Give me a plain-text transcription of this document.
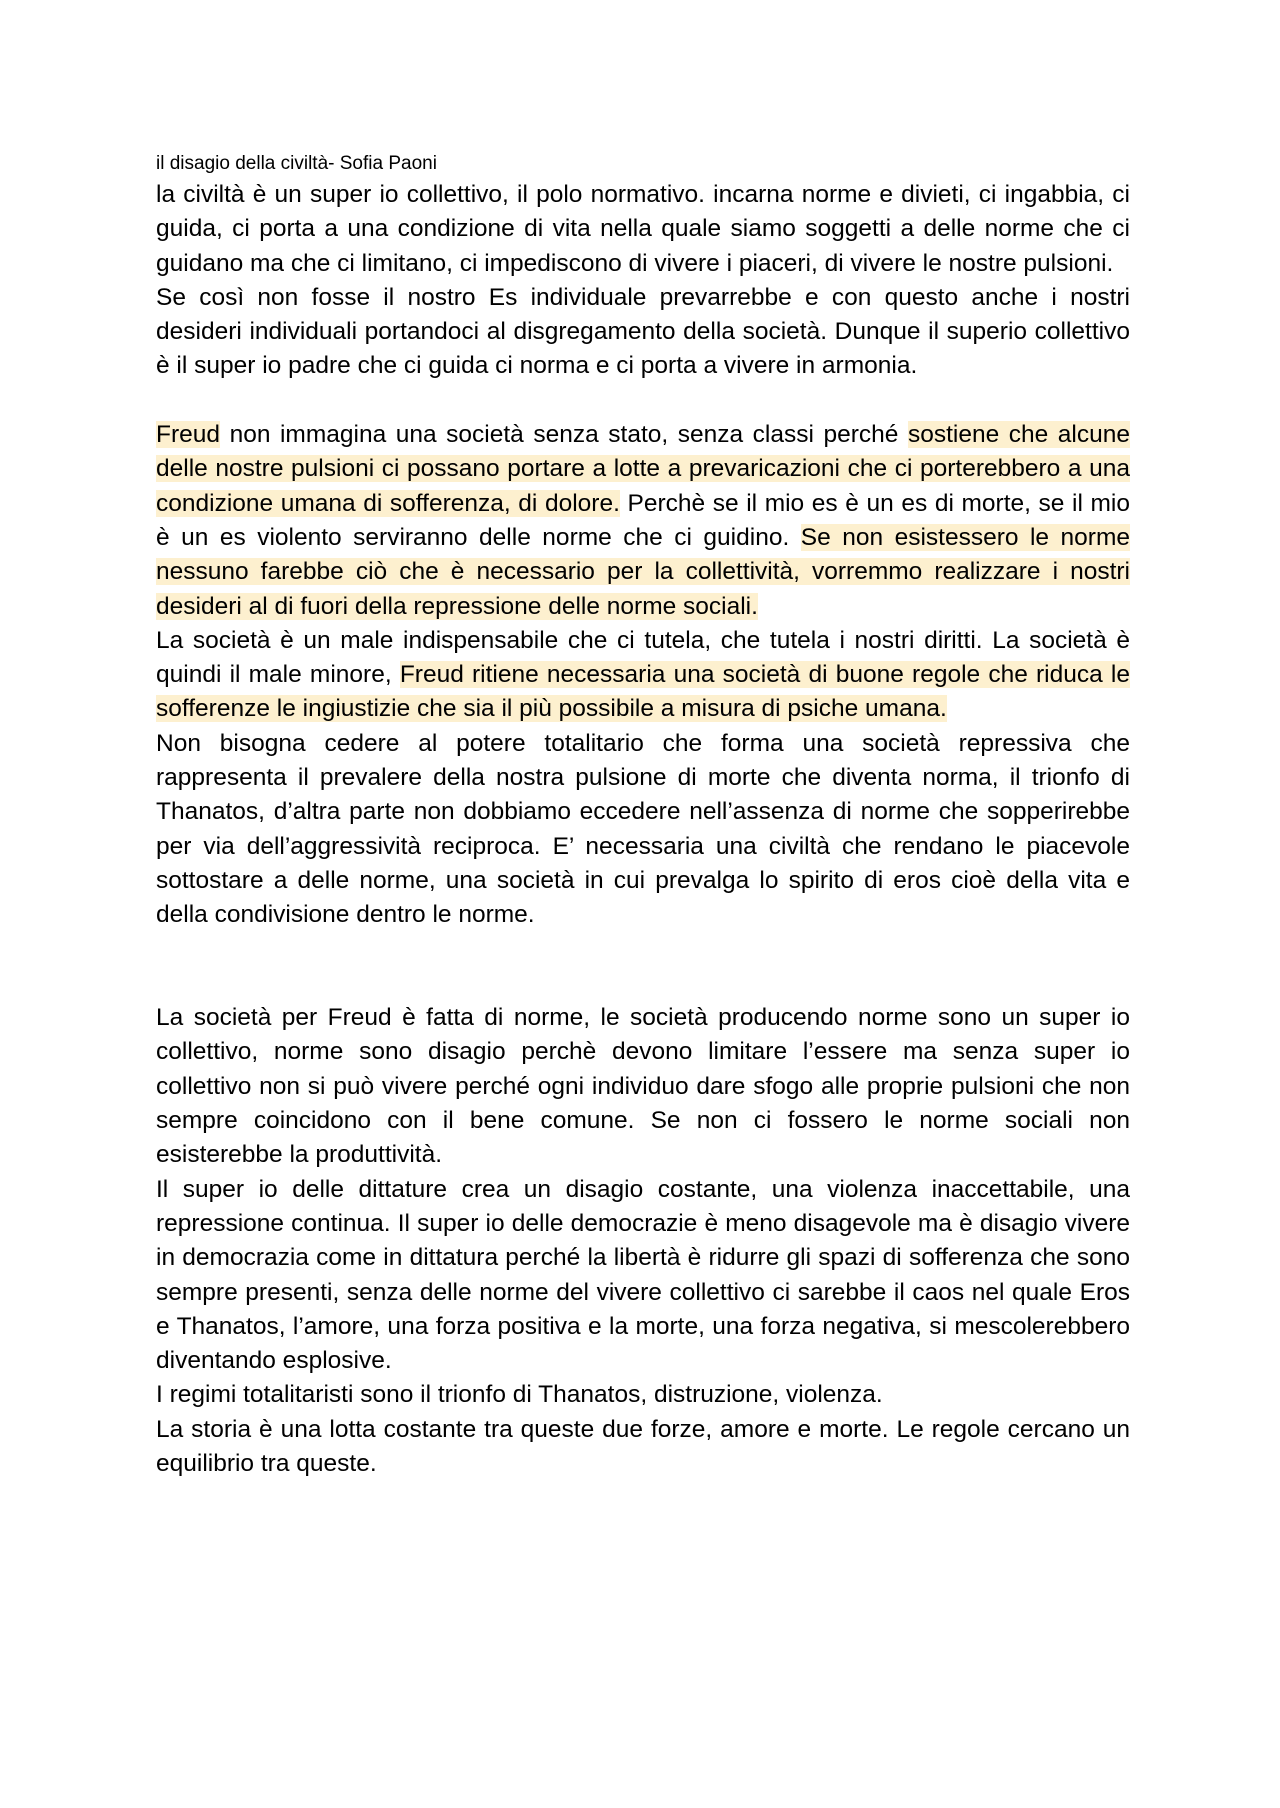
il disagio della civiltà- Sofia Paoni

la civiltà è un super io collettivo, il polo normativo. incarna norme e divieti, ci ingabbia, ci guida, ci porta a una condizione di vita nella quale siamo soggetti a delle norme che ci guidano ma che ci limitano, ci impediscono di vivere i piaceri, di vivere le nostre pulsioni.

Se così non fosse il nostro Es individuale prevarrebbe e con questo anche i nostri desideri individuali portandoci al disgregamento della società. Dunque il superio collettivo è il super io padre che ci guida ci norma e ci porta a vivere in armonia.

Freud non immagina una società senza stato, senza classi perché sostiene che alcune delle nostre pulsioni ci possano portare a lotte a prevaricazioni che ci porterebbero a una condizione umana di sofferenza, di dolore. Perchè se il mio es è un es di morte, se il mio è un es violento serviranno delle norme che ci guidino. Se non esistessero le norme nessuno farebbe ciò che è necessario per la collettività, vorremmo realizzare i nostri desideri al di fuori della repressione delle norme sociali.

La società è un male indispensabile che ci tutela, che tutela i nostri diritti. La società è quindi il male minore, Freud ritiene necessaria una società di buone regole che riduca le sofferenze le ingiustizie che sia il più possibile a misura di psiche umana.

Non bisogna cedere al potere totalitario che forma una società repressiva che rappresenta il prevalere della nostra pulsione di morte che diventa norma, il trionfo di Thanatos, d’altra parte non dobbiamo eccedere nell’assenza di norme che sopperirebbe per via dell’aggressività reciproca. E’ necessaria una civiltà che rendano le piacevole sottostare a delle norme, una società in cui prevalga lo spirito di eros cioè della vita e della condivisione dentro le norme.

La società per Freud è fatta di norme, le società producendo norme sono un super io collettivo, norme sono disagio perchè devono limitare l’essere ma senza super io collettivo non si può vivere perché ogni individuo dare sfogo alle proprie pulsioni che non sempre coincidono con il bene comune. Se non ci fossero le norme sociali non esisterebbe la produttività.

Il super io delle dittature crea un disagio costante, una violenza inaccettabile, una repressione continua. Il super io delle democrazie è meno disagevole ma è disagio vivere in democrazia come in dittatura perché la libertà è ridurre gli spazi di sofferenza che sono sempre presenti, senza delle norme del vivere collettivo ci sarebbe il caos nel quale Eros e Thanatos, l’amore, una forza positiva e la morte, una forza negativa, si mescolerebbero diventando esplosive.

I regimi totalitaristi sono il trionfo di Thanatos, distruzione, violenza.

La storia è una lotta costante tra queste due forze, amore e morte. Le regole cercano un equilibrio tra queste.
